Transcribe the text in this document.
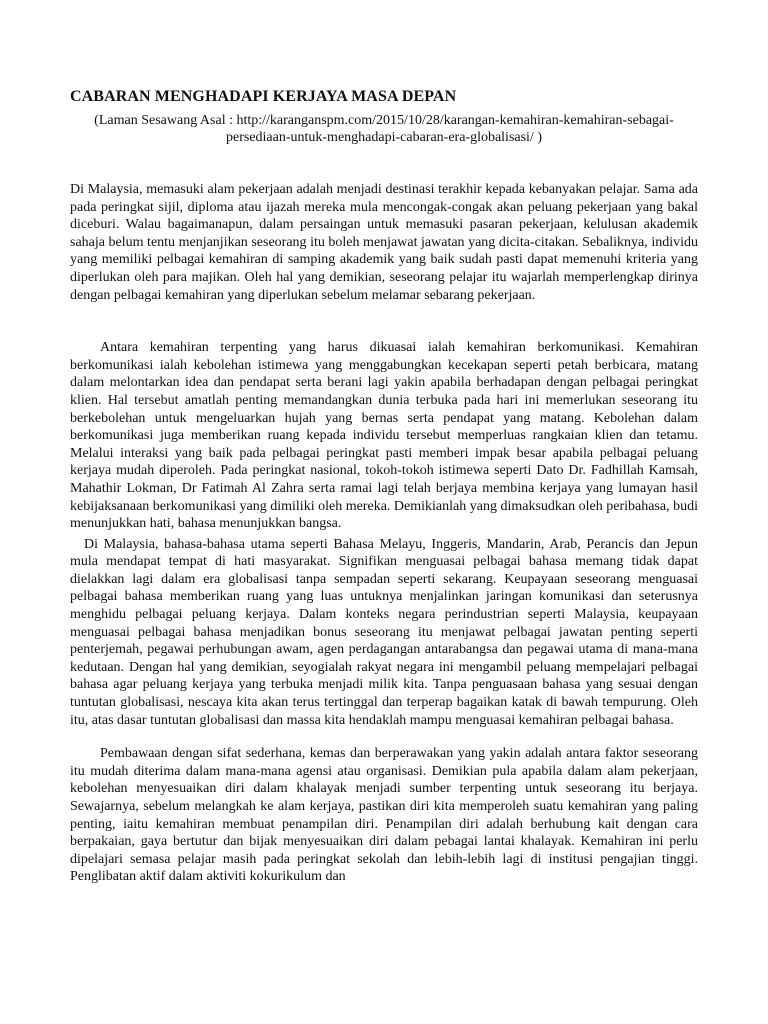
CABARAN MENGHADAPI KERJAYA MASA DEPAN

(Laman Sesawang Asal : http://karanganspm.com/2015/10/28/karangan-kemahiran-kemahiran-sebagai-persediaan-untuk-menghadapi-cabaran-era-globalisasi/ )

Di Malaysia, memasuki alam pekerjaan adalah menjadi destinasi terakhir kepada kebanyakan pelajar. Sama ada pada peringkat sijil, diploma atau ijazah mereka mula mencongak-congak akan peluang pekerjaan yang bakal diceburi. Walau bagaimanapun, dalam persaingan untuk memasuki pasaran pekerjaan, kelulusan akademik sahaja belum tentu menjanjikan seseorang itu boleh menjawat jawatan yang dicita-citakan. Sebaliknya, individu yang memiliki pelbagai kemahiran di samping akademik yang baik sudah pasti dapat memenuhi kriteria yang diperlukan oleh para majikan. Oleh hal yang demikian, seseorang pelajar itu wajarlah memperlengkap dirinya dengan pelbagai kemahiran yang diperlukan sebelum melamar sebarang pekerjaan.

Antara kemahiran terpenting yang harus dikuasai ialah kemahiran berkomunikasi. Kemahiran berkomunikasi ialah kebolehan istimewa yang menggabungkan kecekapan seperti petah berbicara, matang dalam melontarkan idea dan pendapat serta berani lagi yakin apabila berhadapan dengan pelbagai peringkat klien. Hal tersebut amatlah penting memandangkan dunia terbuka pada hari ini memerlukan seseorang itu berkebolehan untuk mengeluarkan hujah yang bernas serta pendapat yang matang. Kebolehan dalam berkomunikasi juga memberikan ruang kepada individu tersebut memperluas rangkaian klien dan tetamu. Melalui interaksi yang baik pada pelbagai peringkat pasti memberi impak besar apabila pelbagai peluang kerjaya mudah diperoleh. Pada peringkat nasional, tokoh-tokoh istimewa seperti Dato Dr. Fadhillah Kamsah, Mahathir Lokman, Dr Fatimah Al Zahra serta ramai lagi telah berjaya membina kerjaya yang lumayan hasil kebijaksanaan berkomunikasi yang dimiliki oleh mereka. Demikianlah yang dimaksudkan oleh peribahasa, budi menunjukkan hati, bahasa menunjukkan bangsa.

Di Malaysia, bahasa-bahasa utama seperti Bahasa Melayu, Inggeris, Mandarin, Arab, Perancis dan Jepun mula mendapat tempat di hati masyarakat. Signifikan menguasai pelbagai bahasa memang tidak dapat dielakkan lagi dalam era globalisasi tanpa sempadan seperti sekarang. Keupayaan seseorang menguasai pelbagai bahasa memberikan ruang yang luas untuknya menjalinkan jaringan komunikasi dan seterusnya menghidu pelbagai peluang kerjaya. Dalam konteks negara perindustrian seperti Malaysia, keupayaan menguasai pelbagai bahasa menjadikan bonus seseorang itu menjawat pelbagai jawatan penting seperti penterjemah, pegawai perhubungan awam, agen perdagangan antarabangsa dan pegawai utama di mana-mana kedutaan. Dengan hal yang demikian, seyogialah rakyat negara ini mengambil peluang mempelajari pelbagai bahasa agar peluang kerjaya yang terbuka menjadi milik kita. Tanpa penguasaan bahasa yang sesuai dengan tuntutan globalisasi, nescaya kita akan terus tertinggal dan terperap bagaikan katak di bawah tempurung. Oleh itu, atas dasar tuntutan globalisasi dan massa kita hendaklah mampu menguasai kemahiran pelbagai bahasa.

Pembawaan dengan sifat sederhana, kemas dan berperawakan yang yakin adalah antara faktor seseorang itu mudah diterima dalam mana-mana agensi atau organisasi. Demikian pula apabila dalam alam pekerjaan, kebolehan menyesuaikan diri dalam khalayak menjadi sumber terpenting untuk seseorang itu berjaya. Sewajarnya, sebelum melangkah ke alam kerjaya, pastikan diri kita memperoleh suatu kemahiran yang paling penting, iaitu kemahiran membuat penampilan diri. Penampilan diri adalah berhubung kait dengan cara berpakaian, gaya bertutur dan bijak menyesuaikan diri dalam pebagai lantai khalayak. Kemahiran ini perlu dipelajari semasa pelajar masih pada peringkat sekolah dan lebih-lebih lagi di institusi pengajian tinggi. Penglibatan aktif dalam aktiviti kokurikulum dan
